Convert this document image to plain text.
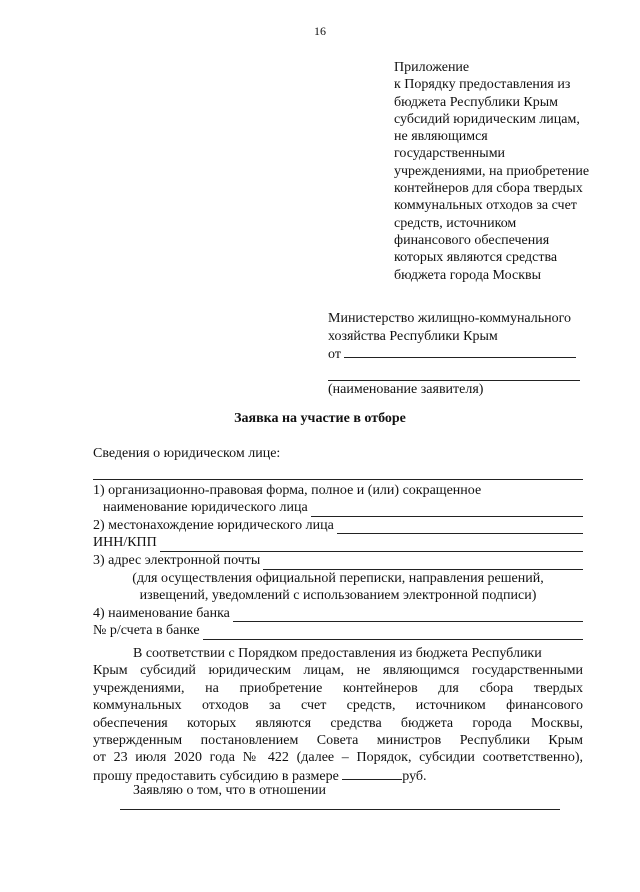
16
Приложение
к Порядку предоставления из
бюджета Республики Крым
субсидий юридическим лицам,
не являющимся
государственными
учреждениями, на приобретение
контейнеров для сбора твердых
коммунальных отходов за счет
средств, источником
финансового обеспечения
которых являются средства
бюджета города Москвы
Министерство жилищно-коммунального
хозяйства Республики Крым
от
(наименование заявителя)
Заявка на участие в отборе
Сведения о юридическом лице:
1) организационно-правовая форма, полное и (или) сокращенное
наименование юридического лица
2) местонахождение юридического лица
ИНН/КПП
3) адрес электронной почты
(для осуществления официальной переписки, направления решений,
извещений, уведомлений с использованием электронной подписи)
4) наименование банка
№ р/счета в банке
В соответствии с Порядком предоставления из бюджета Республики
Крым субсидий юридическим лицам, не являющимся государственными
учреждениями, на приобретение контейнеров для сбора твердых
коммунальных отходов за счет средств, источником финансового
обеспечения которых являются средства бюджета города Москвы,
утвержденным постановлением Совета министров Республики Крым
от 23 июля 2020 года № 422 (далее – Порядок, субсидии соответственно),
прошу предоставить субсидию в размере	руб.
Заявляю о том, что в отношении
